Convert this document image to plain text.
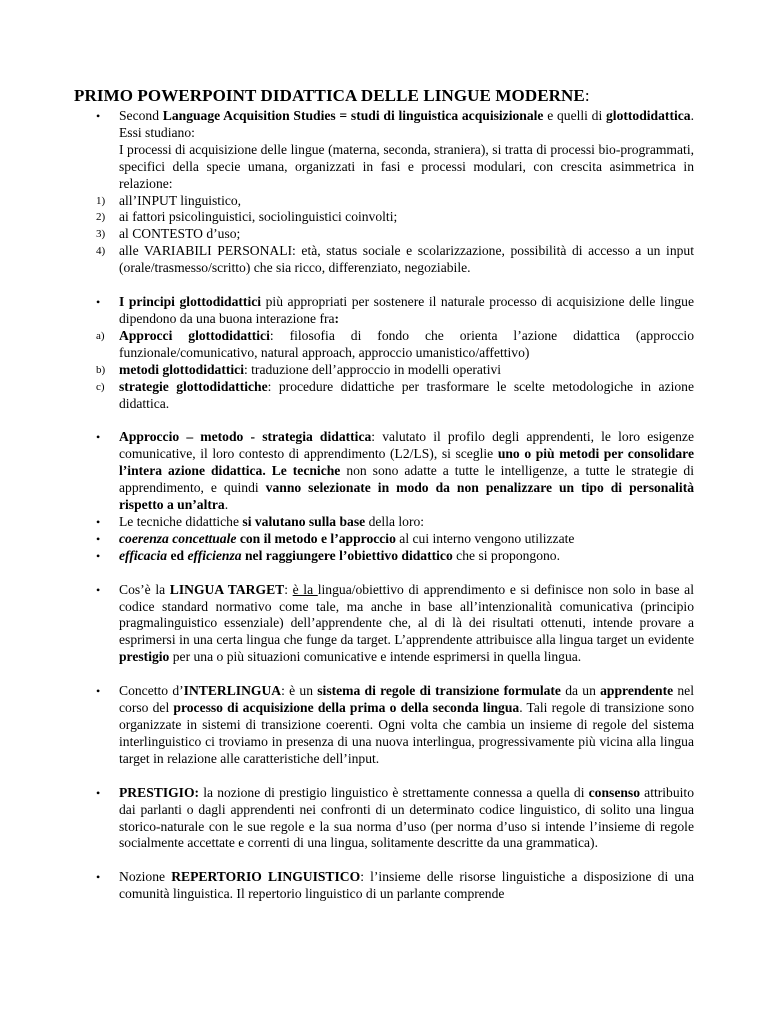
PRIMO POWERPOINT DIDATTICA DELLE LINGUE MODERNE:
•	Second Language Acquisition Studies = studi di linguistica acquisizionale e quelli di glottodidattica. Essi studiano:
I processi di acquisizione delle lingue (materna, seconda, straniera), si tratta di processi bio-programmati, specifici della specie umana, organizzati in fasi e processi modulari, con crescita asimmetrica in relazione:
1)	all’INPUT linguistico,
2)	ai fattori psicolinguistici, sociolinguistici coinvolti;
3)	al CONTESTO d’uso;
4)	alle VARIABILI PERSONALI: età, status sociale e scolarizzazione, possibilità di accesso a un input (orale/trasmesso/scritto) che sia ricco, differenziato, negoziabile.
•	I principi glottodidattici più appropriati per sostenere il naturale processo di acquisizione delle lingue dipendono da una buona interazione fra:
a)	Approcci glottodidattici: filosofia di fondo che orienta l’azione didattica (approccio funzionale/comunicativo, natural approach, approccio umanistico/affettivo)
b)	metodi glottodidattici: traduzione dell’approccio in modelli operativi
c)	strategie glottodidattiche: procedure didattiche per trasformare le scelte metodologiche in azione didattica.
•	Approccio – metodo - strategia didattica: valutato il profilo degli apprendenti, le loro esigenze comunicative, il loro contesto di apprendimento (L2/LS), si sceglie uno o più metodi per consolidare l’intera azione didattica. Le tecniche non sono adatte a tutte le intelligenze, a tutte le strategie di apprendimento, e quindi vanno selezionate in modo da non penalizzare un tipo di personalità rispetto a un’altra.
•	Le tecniche didattiche si valutano sulla base della loro:
•	coerenza concettuale con il metodo e l’approccio al cui interno vengono utilizzate
•	efficacia ed efficienza nel raggiungere l’obiettivo didattico che si propongono.
•	Cos’è la LINGUA TARGET: è la lingua/obiettivo di apprendimento e si definisce non solo in base al codice standard normativo come tale, ma anche in base all’intenzionalità comunicativa (principio pragmalinguistico essenziale) dell’apprendente che, al di là dei risultati ottenuti, intende provare a esprimersi in una certa lingua che funge da target. L’apprendente attribuisce alla lingua target un evidente prestigio per una o più situazioni comunicative e intende esprimersi in quella lingua.
•	Concetto d’INTERLINGUA: è un sistema di regole di transizione formulate da un apprendente nel corso del processo di acquisizione della prima o della seconda lingua. Tali regole di transizione sono organizzate in sistemi di transizione coerenti. Ogni volta che cambia un insieme di regole del sistema interlinguistico ci troviamo in presenza di una nuova interlingua, progressivamente più vicina alla lingua target in relazione alle caratteristiche dell’input.
•	PRESTIGIO: la nozione di prestigio linguistico è strettamente connessa a quella di consenso attribuito dai parlanti o dagli apprendenti nei confronti di un determinato codice linguistico, di solito una lingua storico-naturale con le sue regole e la sua norma d’uso (per norma d’uso si intende l’insieme di regole socialmente accettate e correnti di una lingua, solitamente descritte da una grammatica).
•	Nozione REPERTORIO LINGUISTICO: l’insieme delle risorse linguistiche a disposizione di una comunità linguistica. Il repertorio linguistico di un parlante comprende
